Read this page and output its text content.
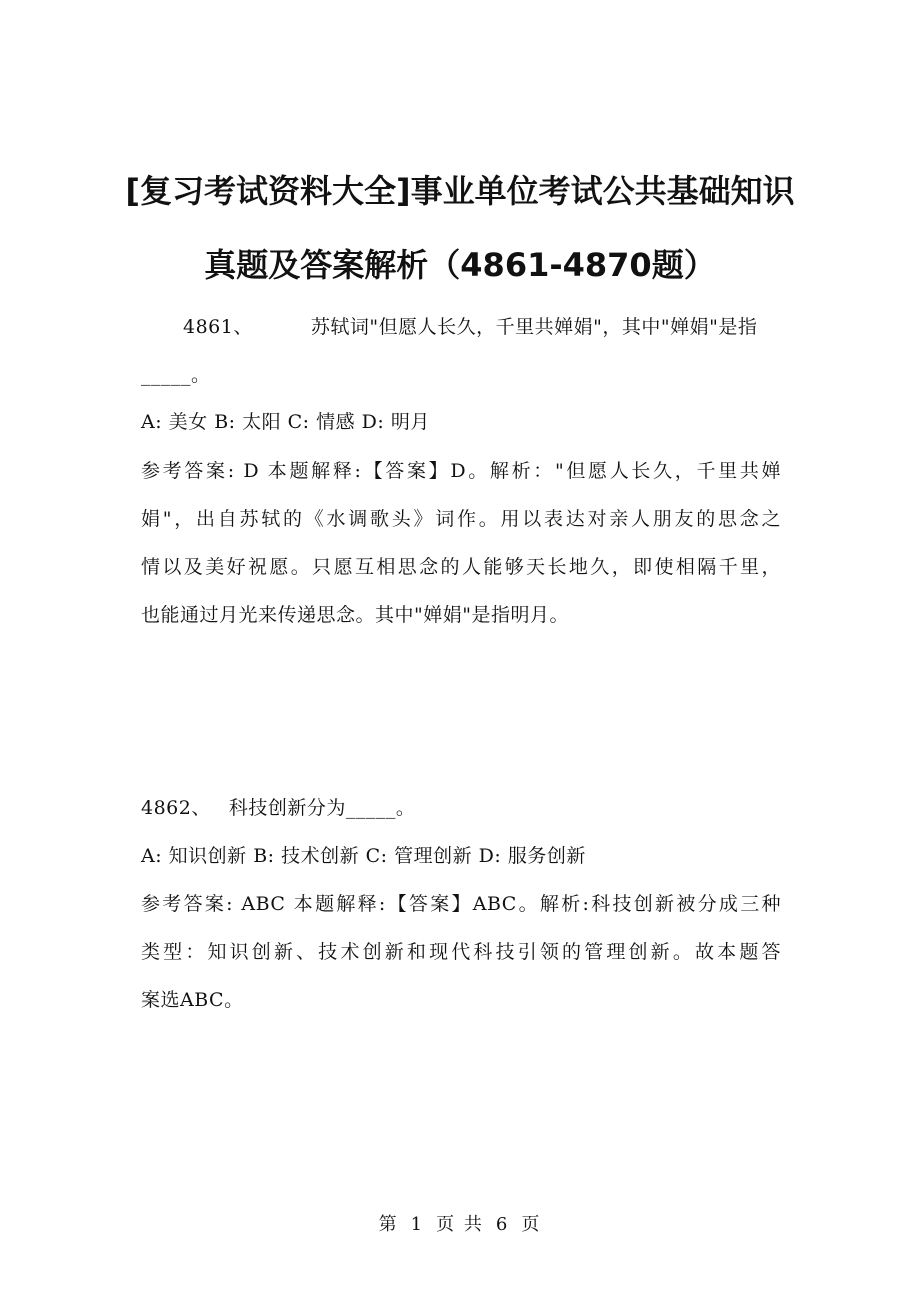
[复习考试资料大全]事业单位考试公共基础知识
真题及答案解析（4861-4870题）
4861、	苏轼词"但愿人长久，千里共婵娟"，其中"婵娟"是指
_____。
A: 美女 B: 太阳 C: 情感 D: 明月
参考答案: D 本题解释:【答案】D。解析："但愿人长久，千里共婵
娟"，出自苏轼的《水调歌头》词作。用以表达对亲人朋友的思念之
情以及美好祝愿。只愿互相思念的人能够天长地久，即使相隔千里，
也能通过月光来传递思念。其中"婵娟"是指明月。
4862、 科技创新分为_____。
A: 知识创新 B: 技术创新 C: 管理创新 D: 服务创新
参考答案: ABC 本题解释:【答案】ABC。解析:科技创新被分成三种
类型：知识创新、技术创新和现代科技引领的管理创新。故本题答
案选ABC。
第 1 页 共 6 页
